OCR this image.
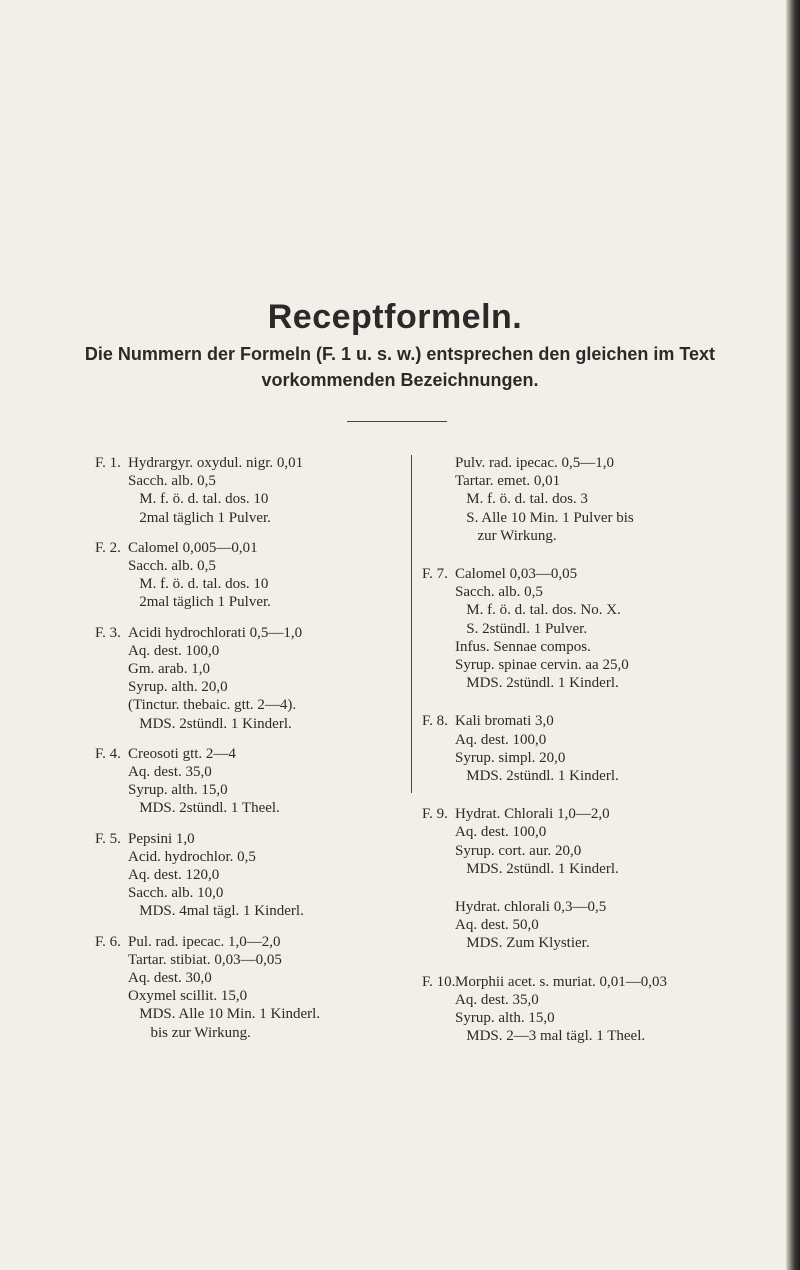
Receptformeln.

Die Nummern der Formeln (F. 1 u. s. w.) entsprechen den gleichen im Text vorkommenden Bezeichnungen.

F. 1. Hydrargyr. oxydul. nigr. 0,01
Sacch. alb. 0,5
M. f. ö. d. tal. dos. 10
2mal täglich 1 Pulver.
F. 2. Calomel 0,005—0,01
Sacch. alb. 0,5
M. f. ö. d. tal. dos. 10
2mal täglich 1 Pulver.
F. 3. Acidi hydrochlorati 0,5—1,0
Aq. dest. 100,0
Gm. arab. 1,0
Syrup. alth. 20,0
(Tinctur. thebaic. gtt. 2—4).
MDS. 2stündl. 1 Kinderl.
F. 4. Creosoti gtt. 2—4
Aq. dest. 35,0
Syrup. alth. 15,0
MDS. 2stündl. 1 Theel.
F. 5. Pepsini 1,0
Acid. hydrochlor. 0,5
Aq. dest. 120,0
Sacch. alb. 10,0
MDS. 4mal tägl. 1 Kinderl.
F. 6. Pul. rad. ipecac. 1,0—2,0
Tartar. stibiat. 0,03—0,05
Aq. dest. 30,0
Oxymel scillit. 15,0
MDS. Alle 10 Min. 1 Kinderl.
bis zur Wirkung.
Pulv. rad. ipecac. 0,5—1,0
Tartar. emet. 0,01
M. f. ö. d. tal. dos. 3
S. Alle 10 Min. 1 Pulver bis
zur Wirkung.
F. 7. Calomel 0,03—0,05
Sacch. alb. 0,5
M. f. ö. d. tal. dos. No. X.
S. 2stündl. 1 Pulver.
Infus. Sennae compos.
Syrup. spinae cervin. aa 25,0
MDS. 2stündl. 1 Kinderl.
F. 8. Kali bromati 3,0
Aq. dest. 100,0
Syrup. simpl. 20,0
MDS. 2stündl. 1 Kinderl.
F. 9. Hydrat. Chlorali 1,0—2,0
Aq. dest. 100,0
Syrup. cort. aur. 20,0
MDS. 2stündl. 1 Kinderl.
Hydrat. chlorali 0,3—0,5
Aq. dest. 50,0
MDS. Zum Klystier.
F. 10. Morphii acet. s. muriat. 0,01—0,03
Aq. dest. 35,0
Syrup. alth. 15,0
MDS. 2—3 mal tägl. 1 Theel.
